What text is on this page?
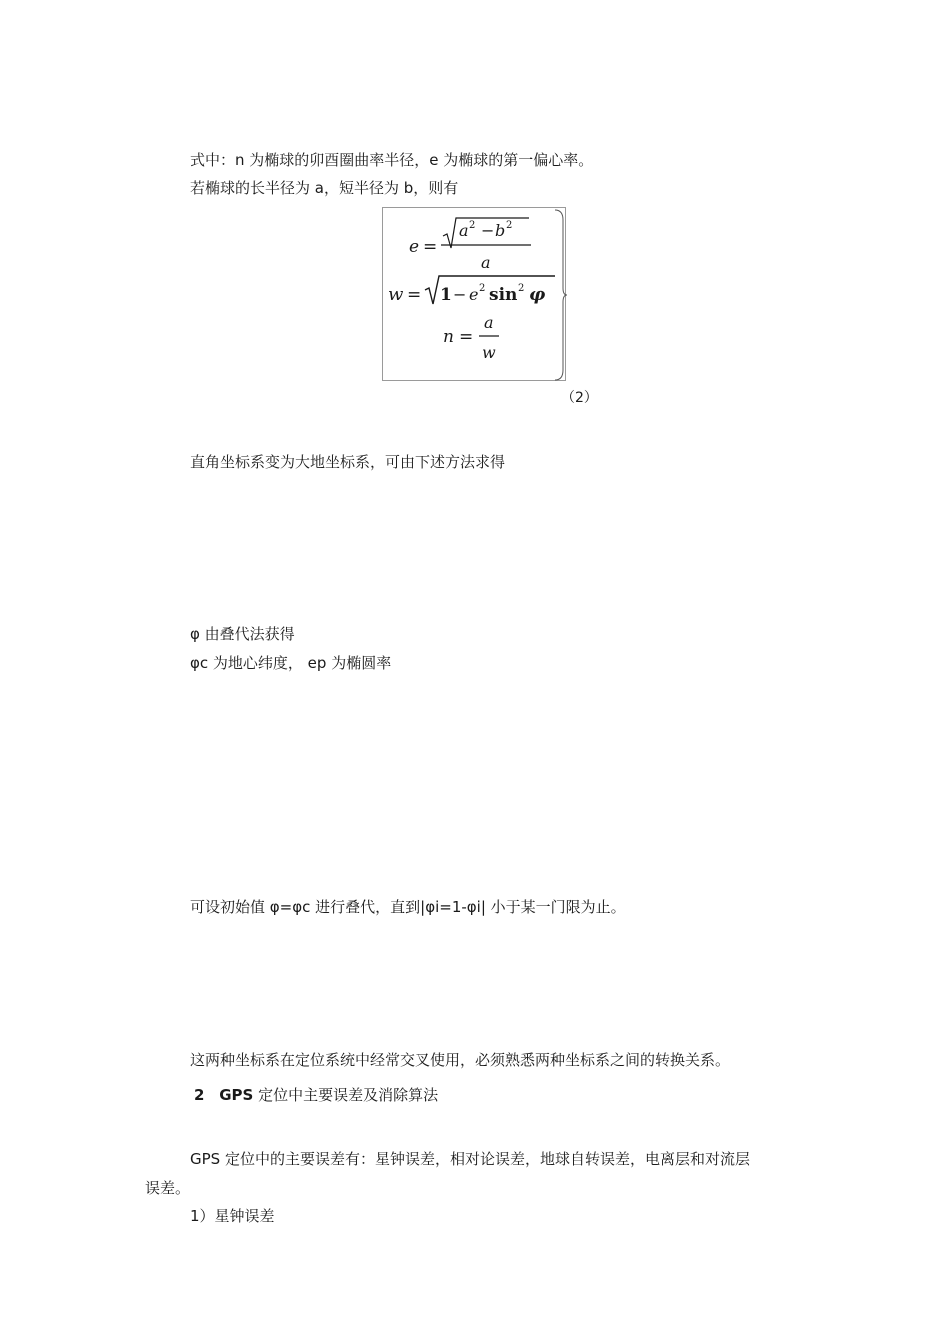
式中：n 为椭球的卯酉圈曲率半径，e 为椭球的第一偏心率。
若椭球的长半径为 a，短半径为 b，则有
e =
a 2 − b 2
a
w = 1 − e 2 sin 2 φ
n =
a
w
（2）
直角坐标系变为大地坐标系，可由下述方法求得
φ 由叠代法获得
φc 为地心纬度， ep 为椭圆率
可设初始值 φ=φc 进行叠代，直到|φi=1-φi| 小于某一门限为止。
这两种坐标系在定位系统中经常交叉使用，必须熟悉两种坐标系之间的转换关系。
2 GPS 定位中主要误差及消除算法
GPS 定位中的主要误差有：星钟误差，相对论误差，地球自转误差，电离层和对流层
误差。
1）星钟误差
